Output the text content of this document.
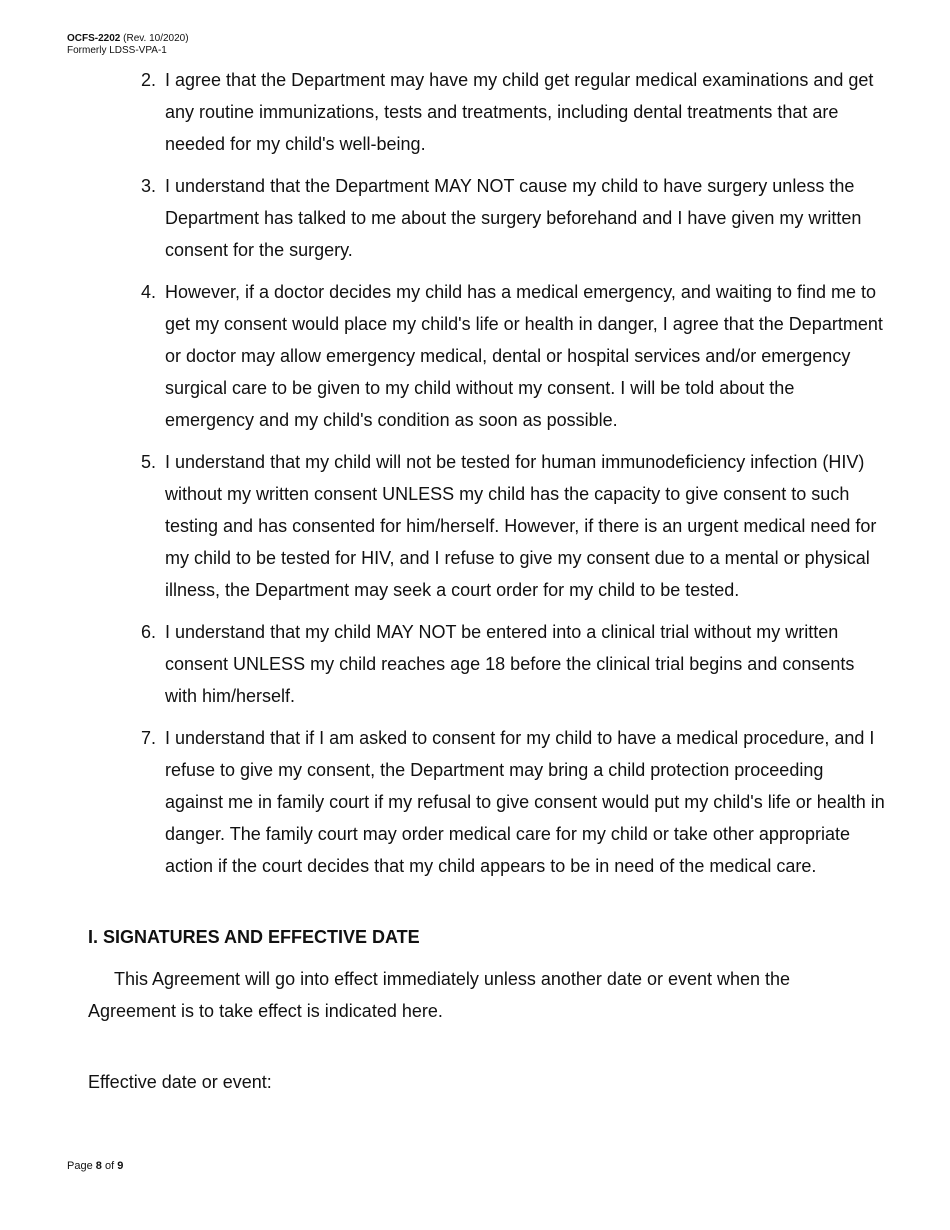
OCFS-2202 (Rev. 10/2020)
Formerly LDSS-VPA-1
2. I agree that the Department may have my child get regular medical examinations and get any routine immunizations, tests and treatments, including dental treatments that are needed for my child's well-being.
3. I understand that the Department MAY NOT cause my child to have surgery unless the Department has talked to me about the surgery beforehand and I have given my written consent for the surgery.
4. However, if a doctor decides my child has a medical emergency, and waiting to find me to get my consent would place my child's life or health in danger, I agree that the Department or doctor may allow emergency medical, dental or hospital services and/or emergency surgical care to be given to my child without my consent. I will be told about the emergency and my child's condition as soon as possible.
5. I understand that my child will not be tested for human immunodeficiency infection (HIV) without my written consent UNLESS my child has the capacity to give consent to such testing and has consented for him/herself. However, if there is an urgent medical need for my child to be tested for HIV, and I refuse to give my consent due to a mental or physical illness, the Department may seek a court order for my child to be tested.
6. I understand that my child MAY NOT be entered into a clinical trial without my written consent UNLESS my child reaches age 18 before the clinical trial begins and consents with him/herself.
7. I understand that if I am asked to consent for my child to have a medical procedure, and I refuse to give my consent, the Department may bring a child protection proceeding against me in family court if my refusal to give consent would put my child's life or health in danger. The family court may order medical care for my child or take other appropriate action if the court decides that my child appears to be in need of the medical care.
I. SIGNATURES AND EFFECTIVE DATE

This Agreement will go into effect immediately unless another date or event when the Agreement is to take effect is indicated here.

Effective date or event:

Page 8 of 9
